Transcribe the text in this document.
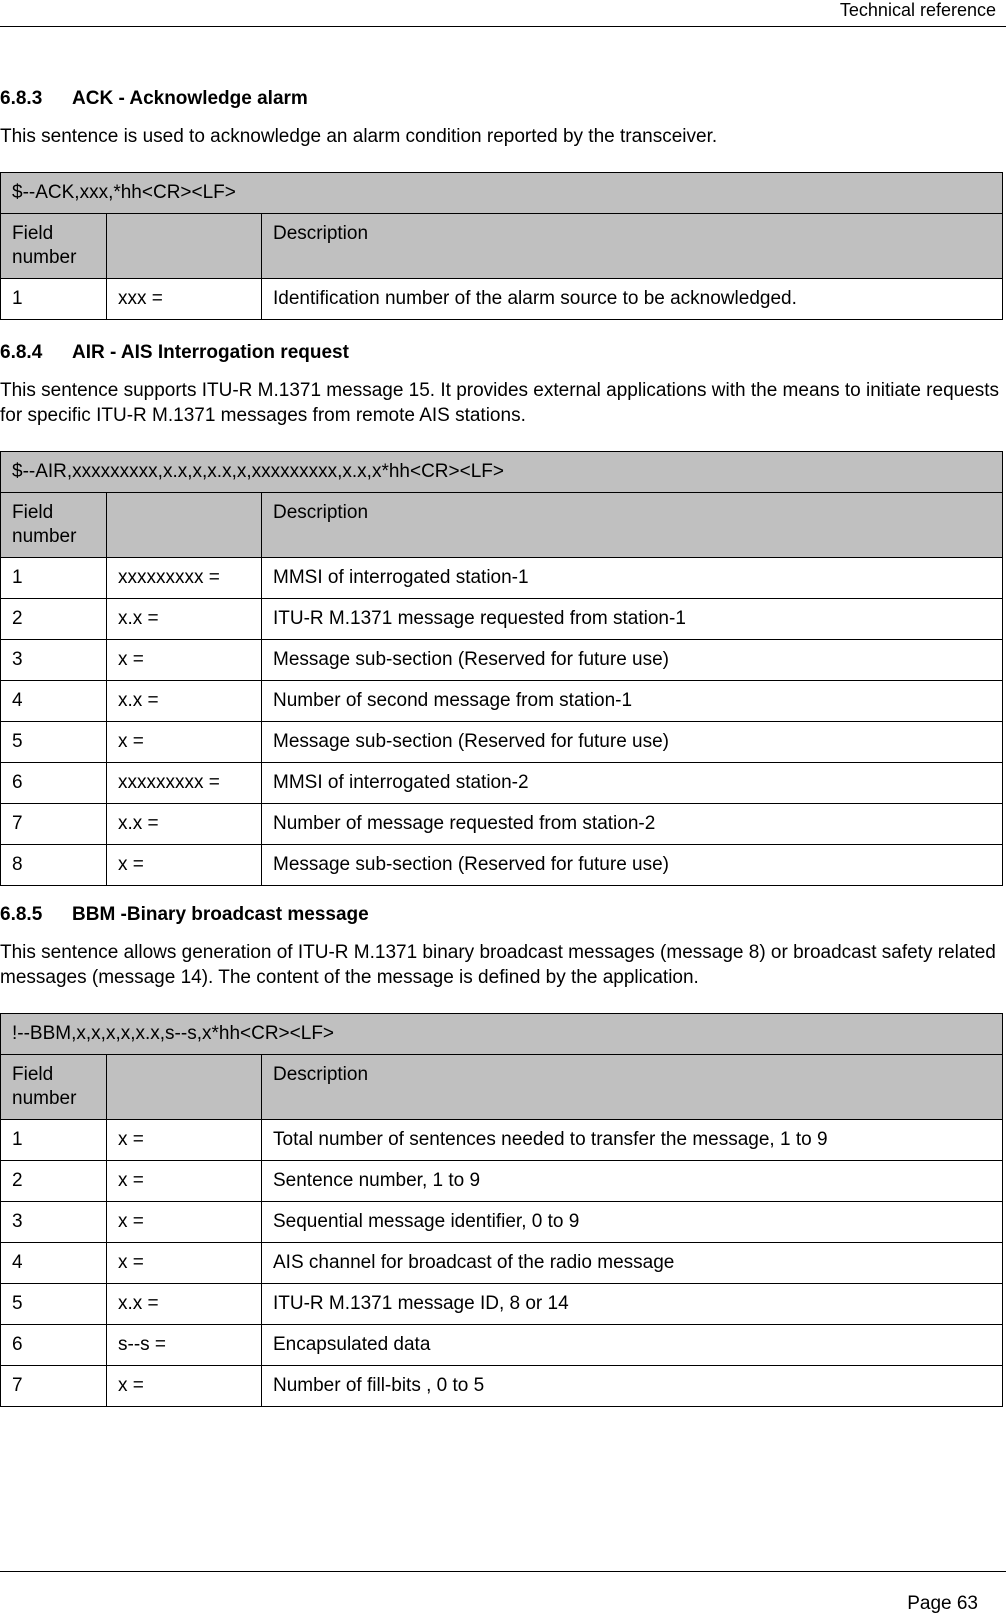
Technical reference
6.8.3 ACK - Acknowledge alarm

This sentence is used to acknowledge an alarm condition reported by the transceiver.

$--ACK,xxx,*hh<CR><LF>		
Field number		Description
1	xxx =	Identification number of the alarm source to be acknowledged.
6.8.4 AIR - AIS Interrogation request

This sentence supports ITU-R M.1371 message 15. It provides external applications with the means to initiate requests for specific ITU-R M.1371 messages from remote AIS stations.

$--AIR,xxxxxxxxx,x.x,x,x.x,x,xxxxxxxxx,x.x,x*hh<CR><LF>		
Field number		Description
1	xxxxxxxxx =	MMSI of interrogated station-1
2	x.x =	ITU-R M.1371 message requested from station-1
3	x =	Message sub-section (Reserved for future use)
4	x.x =	Number of second message from station-1
5	x =	Message sub-section (Reserved for future use)
6	xxxxxxxxx =	MMSI of interrogated station-2
7	x.x =	Number of message requested from station-2
8	x =	Message sub-section (Reserved for future use)
6.8.5 BBM -Binary broadcast message

This sentence allows generation of ITU-R M.1371 binary broadcast messages (message 8) or broadcast safety related messages (message 14). The content of the message is defined by the application.

!--BBM,x,x,x,x,x.x,s--s,x*hh<CR><LF>		
Field number		Description
1	x =	Total number of sentences needed to transfer the message, 1 to 9
2	x =	Sentence number, 1 to 9
3	x =	Sequential message identifier, 0 to 9
4	x =	AIS channel for broadcast of the radio message
5	x.x =	ITU-R M.1371 message ID, 8 or 14
6	s--s =	Encapsulated data
7	x =	Number of fill-bits , 0 to 5
Page 63
